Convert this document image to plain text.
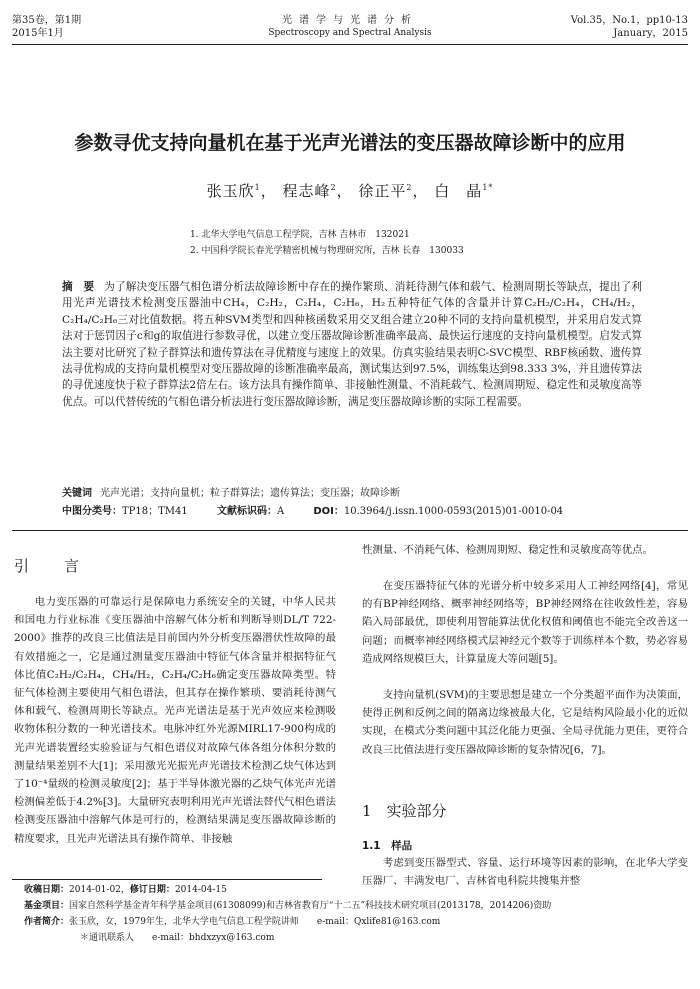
第35卷，第1期
2015年1月
光谱学与光谱分析
Spectroscopy and Spectral Analysis
Vol.35，No.1，pp10-13
January，2015
参数寻优支持向量机在基于光声光谱法的变压器故障诊断中的应用
张玉欣$^1$， 程志峰$^2$， 徐正平$^2$， 白　晶$^{1*}$
1. 北华大学电气信息工程学院，吉林 吉林市　132021
2. 中国科学院长春光学精密机械与物理研究所，吉林 长春　130033
摘　要 为了解决变压器气相色谱分析法故障诊断中存在的操作繁琐、消耗待测气体和载气、检测周期长等缺点，提出了利用光声光谱技术检测变压器油中CH₄，C₂H₂，C₂H₄，C₂H₆，H₂五种特征气体的含量并计算C₂H₂/C₂H₄，CH₄/H₂，C₂H₄/C₂H₆三对比值数据。将五种SVM类型和四种核函数采用交叉组合建立20种不同的支持向量机模型，并采用启发式算法对于惩罚因子c和g的取值进行参数寻优，以建立变压器故障诊断准确率最高、最快运行速度的支持向量机模型。启发式算法主要对比研究了粒子群算法和遗传算法在寻优精度与速度上的效果。仿真实验结果表明C-SVC模型、RBF核函数、遗传算法寻优构成的支持向量机模型对变压器故障的诊断准确率最高，测试集达到97.5%，训练集达到98.333 3%，并且遗传算法的寻优速度快于粒子群算法2倍左右。该方法具有操作简单、非接触性测量、不消耗载气、检测周期短、稳定性和灵敏度高等优点。可以代替传统的气相色谱分析法进行变压器故障诊断，满足变压器故障诊断的实际工程需要。
关键词 光声光谱；支持向量机；粒子群算法；遗传算法；变压器；故障诊断
中图分类号：TP18；TM41	文献标识码：A	DOI：10.3964/j.issn.1000-0593(2015)01-0010-04
引　言

电力变压器的可靠运行是保障电力系统安全的关键，中华人民共和国电力行业标准《变压器油中溶解气体分析和判断导则DL/T 722-2000》推荐的改良三比值法是目前国内外分析变压器潜伏性故障的最有效措施之一，它是通过测量变压器油中特征气体含量并根据特征气体比值C₂H₂/C₂H₄，CH₄/H₂，C₂H₄/C₂H₆确定变压器故障类型。特征气体检测主要使用气相色谱法，但其存在操作繁琐、要消耗待测气体和载气、检测周期长等缺点。光声光谱法是基于光声效应来检测吸收物体积分数的一种光谱技术。电脉冲红外光源MIRL17-900构成的光声光谱装置经实验验证与气相色谱仪对故障气体各组分体积分数的测量结果差别不大[1]；采用激光光振光声光谱技术检测乙炔气体达到了10⁻⁴量级的检测灵敏度[2]；基于半导体激光器的乙炔气体光声光谱检测偏差低于4.2%[3]。大量研究表明利用光声光谱法替代气相色谱法检测变压器油中溶解气体是可行的，检测结果满足变压器故障诊断的精度要求，且光声光谱法具有操作简单、非接触

性测量、不消耗气体、检测周期短、稳定性和灵敏度高等优点。

在变压器特征气体的光谱分析中较多采用人工神经网络[4]，常见的有BP神经网络、概率神经网络等，BP神经网络在往收敛性差，容易陷入局部最优，即使利用智能算法优化权值和阈值也不能完全改善这一问题；而概率神经网络模式层神经元个数等于训练样本个数，势必容易造成网络规模巨大，计算量庞大等问题[5]。

支持向量机(SVM)的主要思想是建立一个分类超平面作为决策面，使得正例和反例之间的隔离边缘被最大化，它是结构风险最小化的近似实现，在模式分类问题中其泛化能力更强、全局寻优能力更佳，更符合改良三比值法进行变压器故障诊断的复杂情况[6，7]。

1　实验部分
1.1　样品

考虑到变压器型式、容量、运行环境等因素的影响，在北华大学变压器厂、丰满发电厂、吉林省电科院共搜集并整

收稿日期：2014-01-02，修订日期：2014-04-15
基金项目：国家自然科学基金青年科学基金项目(61308099)和吉林省教育厅“十二五”科技技术研究项目(2013178，2014206)资助
作者简介：张玉欣，女，1979年生，北华大学电气信息工程学院讲师　　e-mail：Qxlife81@163.com
＊通讯联系人　　e-mail：bhdxzyx@163.com
